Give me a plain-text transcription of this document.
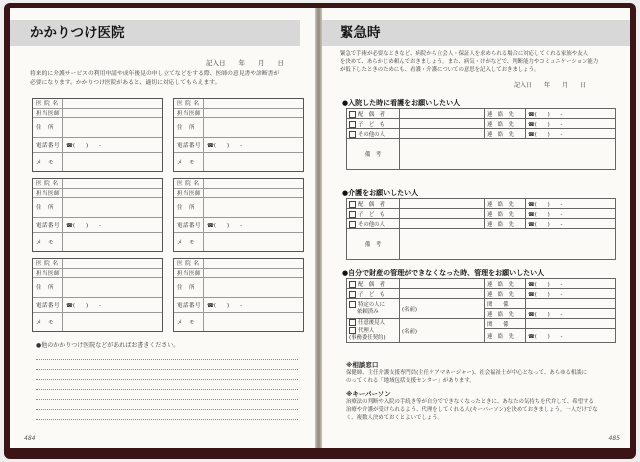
かかりつけ医院
記入日　　年　　月　　日
将来的に介護サービスの利用申請や成年後見の申し立てなどをする際、医師の意見書や診断書が
必要になります。かかりつけ医院があると、適切に対応してもらえます。
医 院 名
担当医師
住　所
電話番号	☎(　　)　　-
メ　モ
医 院 名
担当医師
住　所
電話番号	☎(　　)　　-
メ　モ
医 院 名
担当医師
住　所
電話番号	☎(　　)　　-
メ　モ
医 院 名
担当医師
住　所
電話番号	☎(　　)　　-
メ　モ
医 院 名
担当医師
住　所
電話番号	☎(　　)　　-
メ　モ
医 院 名
担当医師
住　所
電話番号	☎(　　)　　-
メ　モ
●他のかかりつけ医院などがあればお書きください。
484
緊急時
緊急で手術が必要なときなど、病院から立会人・保証人を求められる場合に対応してくれる家族や友人
を決めて、あらかじめ頼んでおきましょう。また、病気・けがなどで、判断能力やコミュニケーション能力
が低下したときのためにも、看護・介護についての意思を記入しておきましょう。
記入日　　年　　月　　日
●入院した時に看護をお願いしたい人
配　偶　者		連　絡　先	☎(　　)　　-
子　ど　も		連　絡　先	☎(　　)　　-
その他の人		連　絡　先	☎(　　)　　-
備　考			
●介護をお願いしたい人
配　偶　者		連　絡　先	☎(　　)　　-
子　ど　も		連　絡　先	☎(　　)　　-
その他の人		連　絡　先	☎(　　)　　-
備　考			
●自分で財産の管理ができなくなった時、管理をお願いしたい人
配　偶　者		連　絡　先	☎(　　)　　-
子　ど　も		連　絡　先	☎(　　)　　-
特定の人に
依頼済み	(名前)	関　　係	
		連　絡　先	☎(　　)　　-
任意後見人
代理人
(事務委任契約)	(名前)	関　　係	
		連　絡　先	☎(　　)　　-
※相談窓口
保健師、主任介護支援専門員(主任ケアマネージャー)、社会福祉士が中心となって、あらゆる相談に
のってくれる「地域包括支援センター」があります。
※キーパーソン
治療法の判断や入院の手続き等が自分でできなくなったときに、あなたの気持ちを代弁して、希望する
治療や介護が受けられるよう、代理をしてくれる人(キーパーソン)を決めておきましょう。一人だけでな
く、複数人決めておくとよいでしょう。
485
